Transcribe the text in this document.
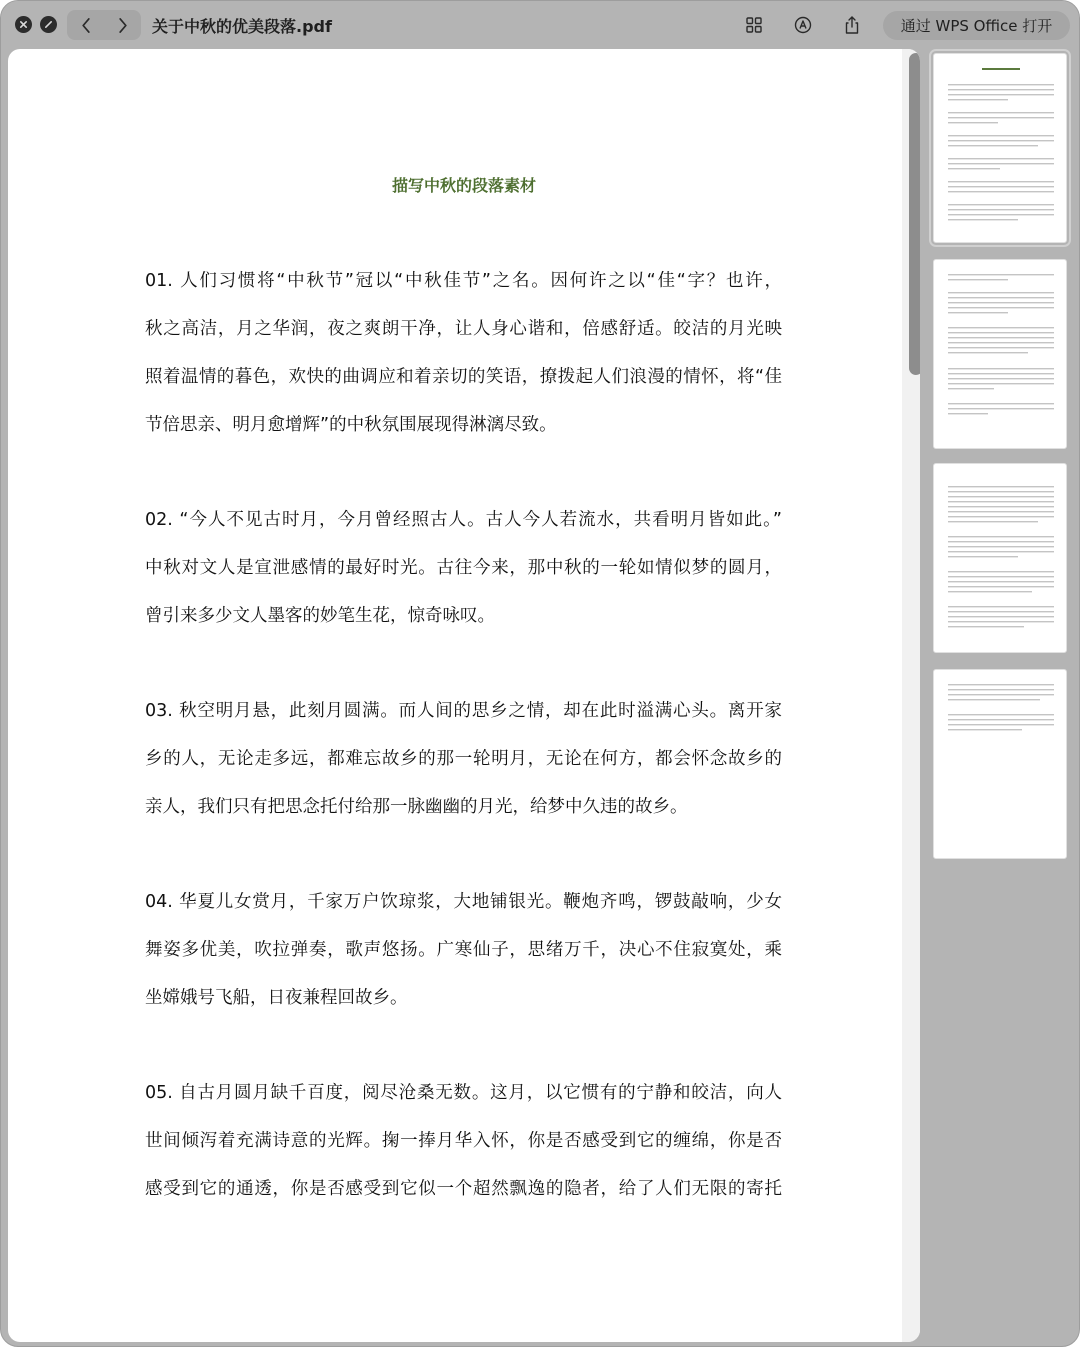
关于中秋的优美段落.pdf	通过 WPS Office 打开
描写中秋的段落素材
01. 人们习惯将“中秋节”冠以“中秋佳节”之名。因何许之以“佳“字？也许，
秋之高洁，月之华润，夜之爽朗干净，让人身心谐和，倍感舒适。皎洁的月光映
照着温情的暮色，欢快的曲调应和着亲切的笑语，撩拨起人们浪漫的情怀，将“佳
节倍思亲、明月愈增辉”的中秋氛围展现得淋漓尽致。
02. “今人不见古时月，今月曾经照古人。古人今人若流水，共看明月皆如此。”
中秋对文人是宣泄感情的最好时光。古往今来，那中秋的一轮如情似梦的圆月，
曾引来多少文人墨客的妙笔生花，惊奇咏叹。
03. 秋空明月悬，此刻月圆满。而人间的思乡之情，却在此时溢满心头。离开家
乡的人，无论走多远，都难忘故乡的那一轮明月，无论在何方，都会怀念故乡的
亲人，我们只有把思念托付给那一脉幽幽的月光，给梦中久违的故乡。
04. 华夏儿女赏月，千家万户饮琼浆，大地铺银光。鞭炮齐鸣，锣鼓敲响，少女
舞姿多优美，吹拉弹奏，歌声悠扬。广寒仙子，思绪万千，决心不住寂寞处，乘
坐嫦娥号飞船，日夜兼程回故乡。
05. 自古月圆月缺千百度，阅尽沧桑无数。这月，以它惯有的宁静和皎洁，向人
世间倾泻着充满诗意的光辉。掬一捧月华入怀，你是否感受到它的缠绵，你是否
感受到它的通透，你是否感受到它似一个超然飘逸的隐者，给了人们无限的寄托
